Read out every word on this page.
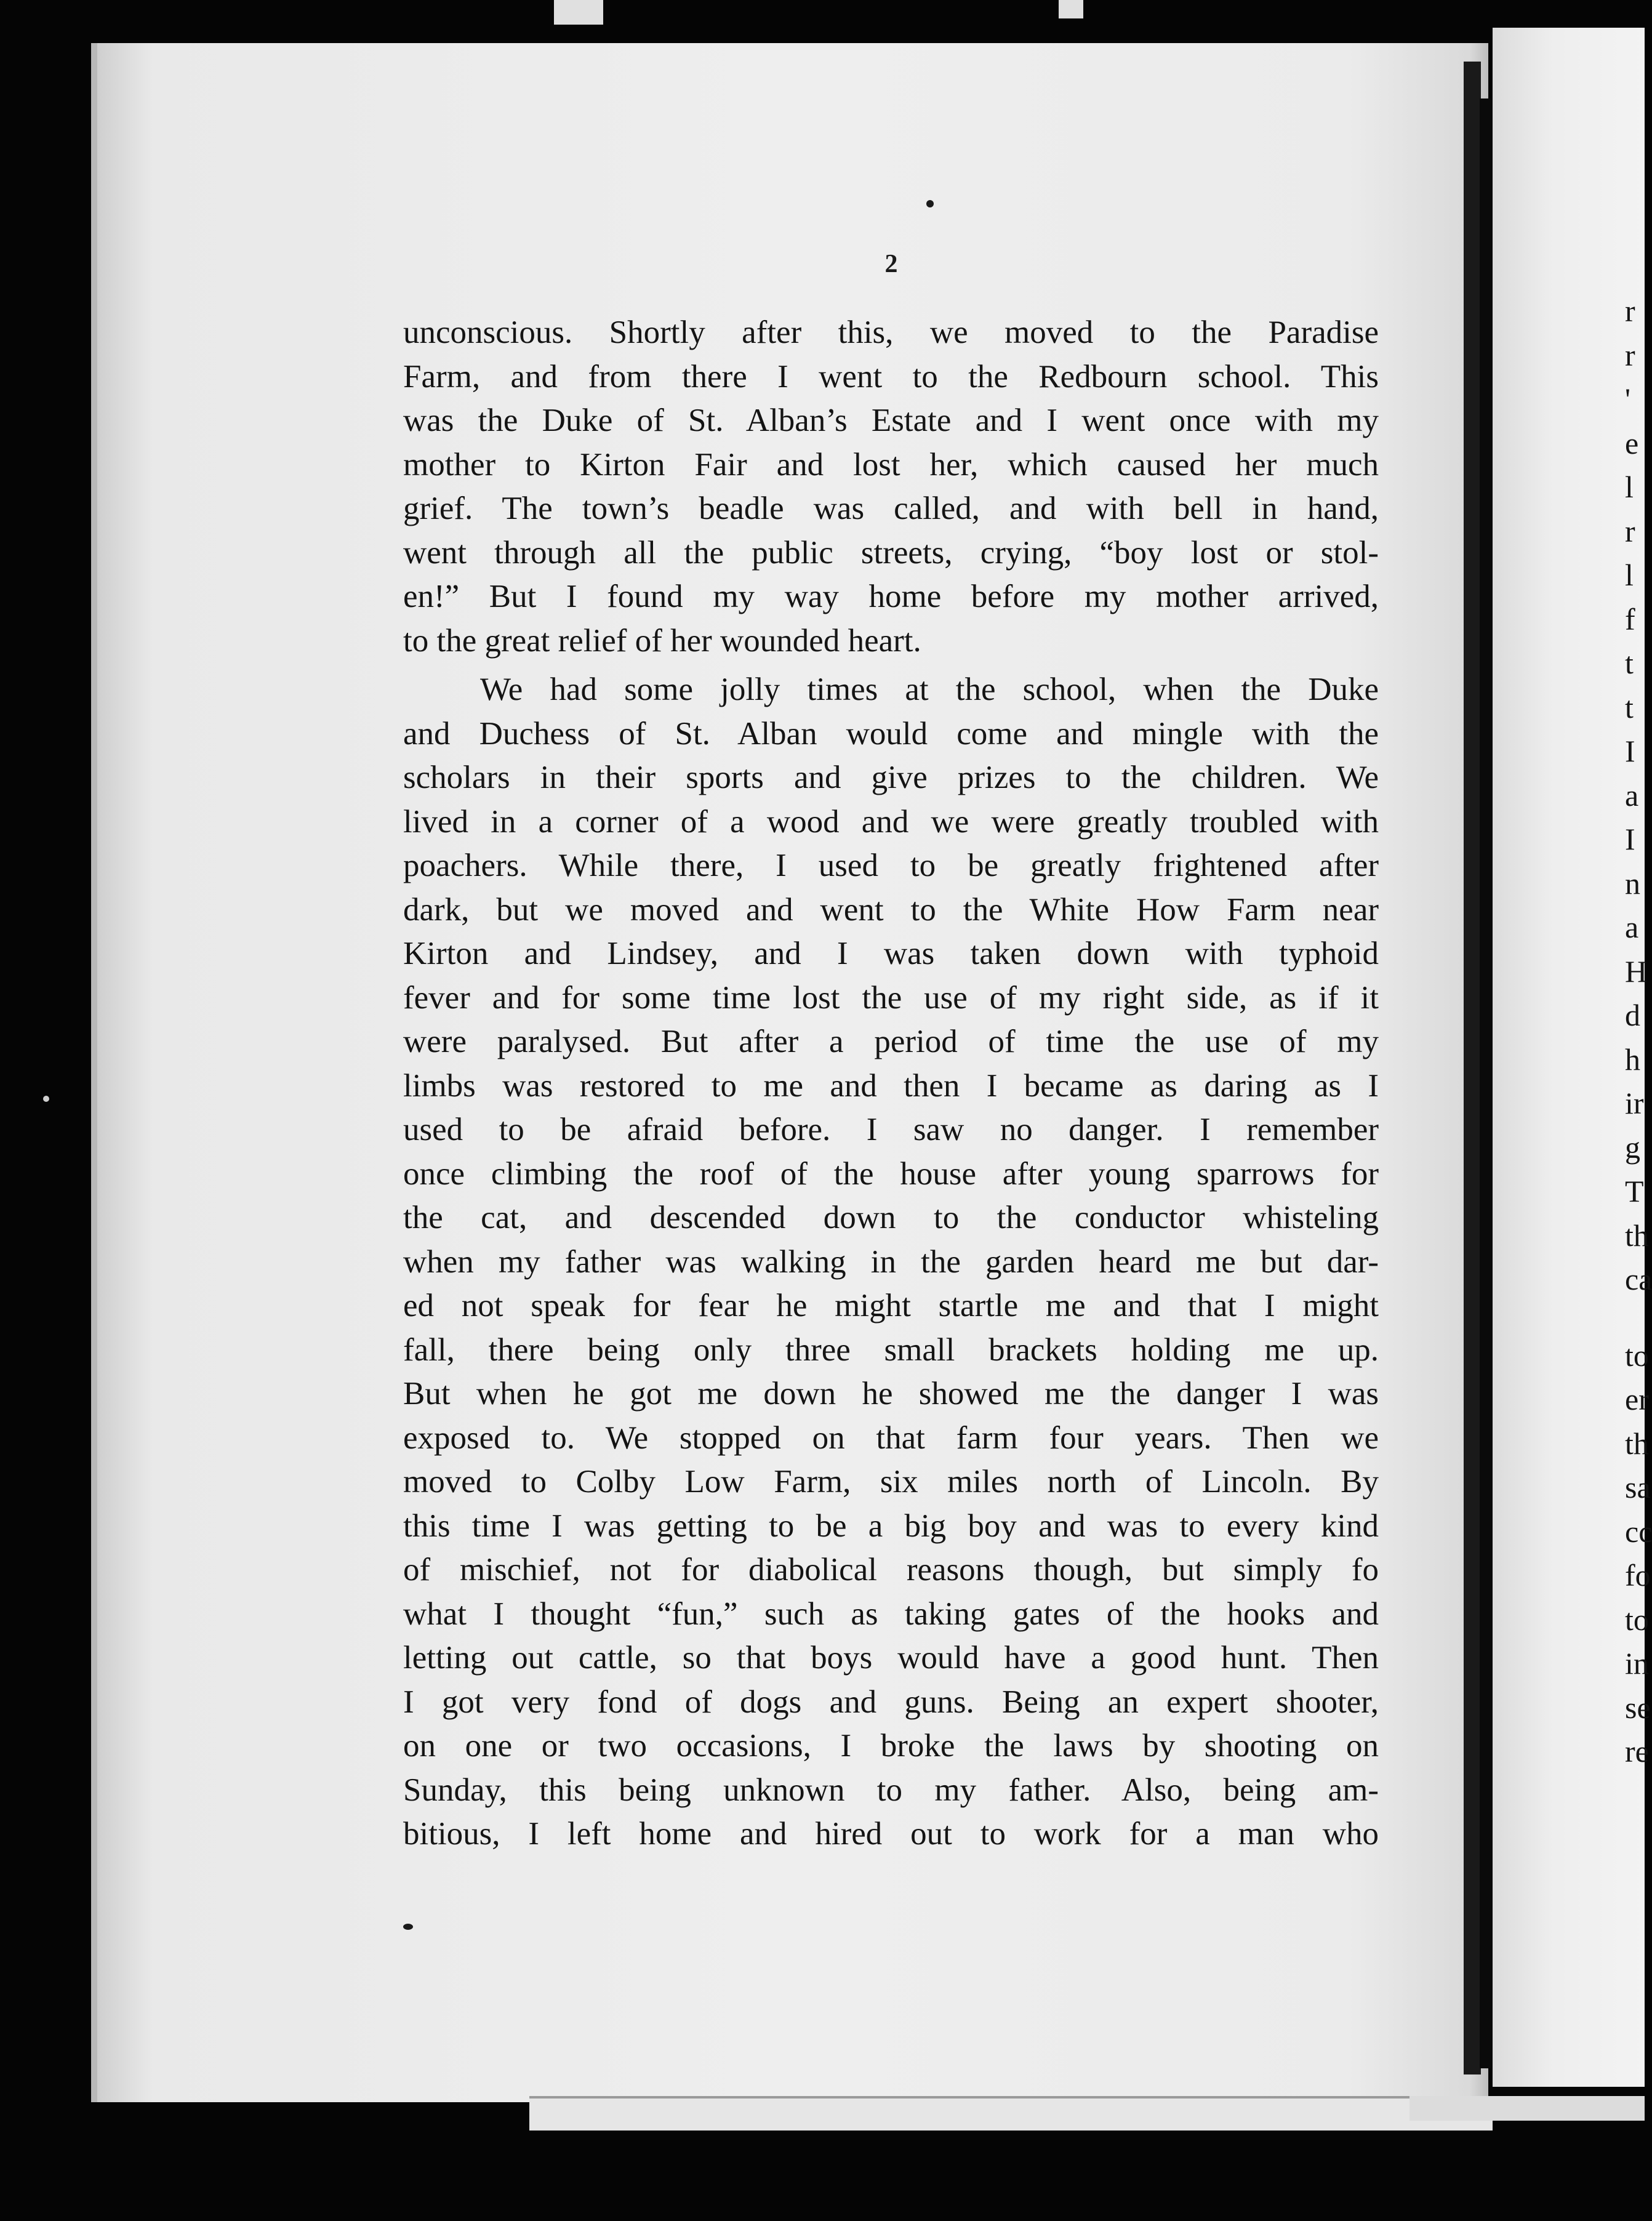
2
unconscious. Shortly after this, we moved to the Paradise
Farm, and from there I went to the Redbourn school. This
was the Duke of St. Alban’s Estate and I went once with my
mother to Kirton Fair and lost her, which caused her much
grief. The town’s beadle was called, and with bell in hand,
went through all the public streets, crying, “boy lost or stol-
en!” But I found my way home before my mother arrived,
to the great relief of her wounded heart.
We had some jolly times at the school, when the Duke
and Duchess of St. Alban would come and mingle with the
scholars in their sports and give prizes to the children. We
lived in a corner of a wood and we were greatly troubled with
poachers. While there, I used to be greatly frightened after
dark, but we moved and went to the White How Farm near
Kirton and Lindsey, and I was taken down with typhoid
fever and for some time lost the use of my right side, as if it
were paralysed. But after a period of time the use of my
limbs was restored to me and then I became as daring as I
used to be afraid before. I saw no danger. I remember
once climbing the roof of the house after young sparrows for
the cat, and descended down to the conductor whisteling
when my father was walking in the garden heard me but dar-
ed not speak for fear he might startle me and that I might
fall, there being only three small brackets holding me up.
But when he got me down he showed me the danger I was
exposed to. We stopped on that farm four years. Then we
moved to Colby Low Farm, six miles north of Lincoln. By
this time I was getting to be a big boy and was to every kind
of mischief, not for diabolical reasons though, but simply fo
what I thought “fun,” such as taking gates of the hooks and
letting out cattle, so that boys would have a good hunt. Then
I got very fond of dogs and guns. Being an expert shooter,
on one or two occasions, I broke the laws by shooting on
Sunday, this being unknown to my father. Also, being am-
bitious, I left home and hired out to work for a man who
r
r
'
e
l
r
l
f
t
t
I
a
I
n
a
H
d
h
ir
g
T
th
ca
to
er
th
sa
cc
fo
to
in
se
re
